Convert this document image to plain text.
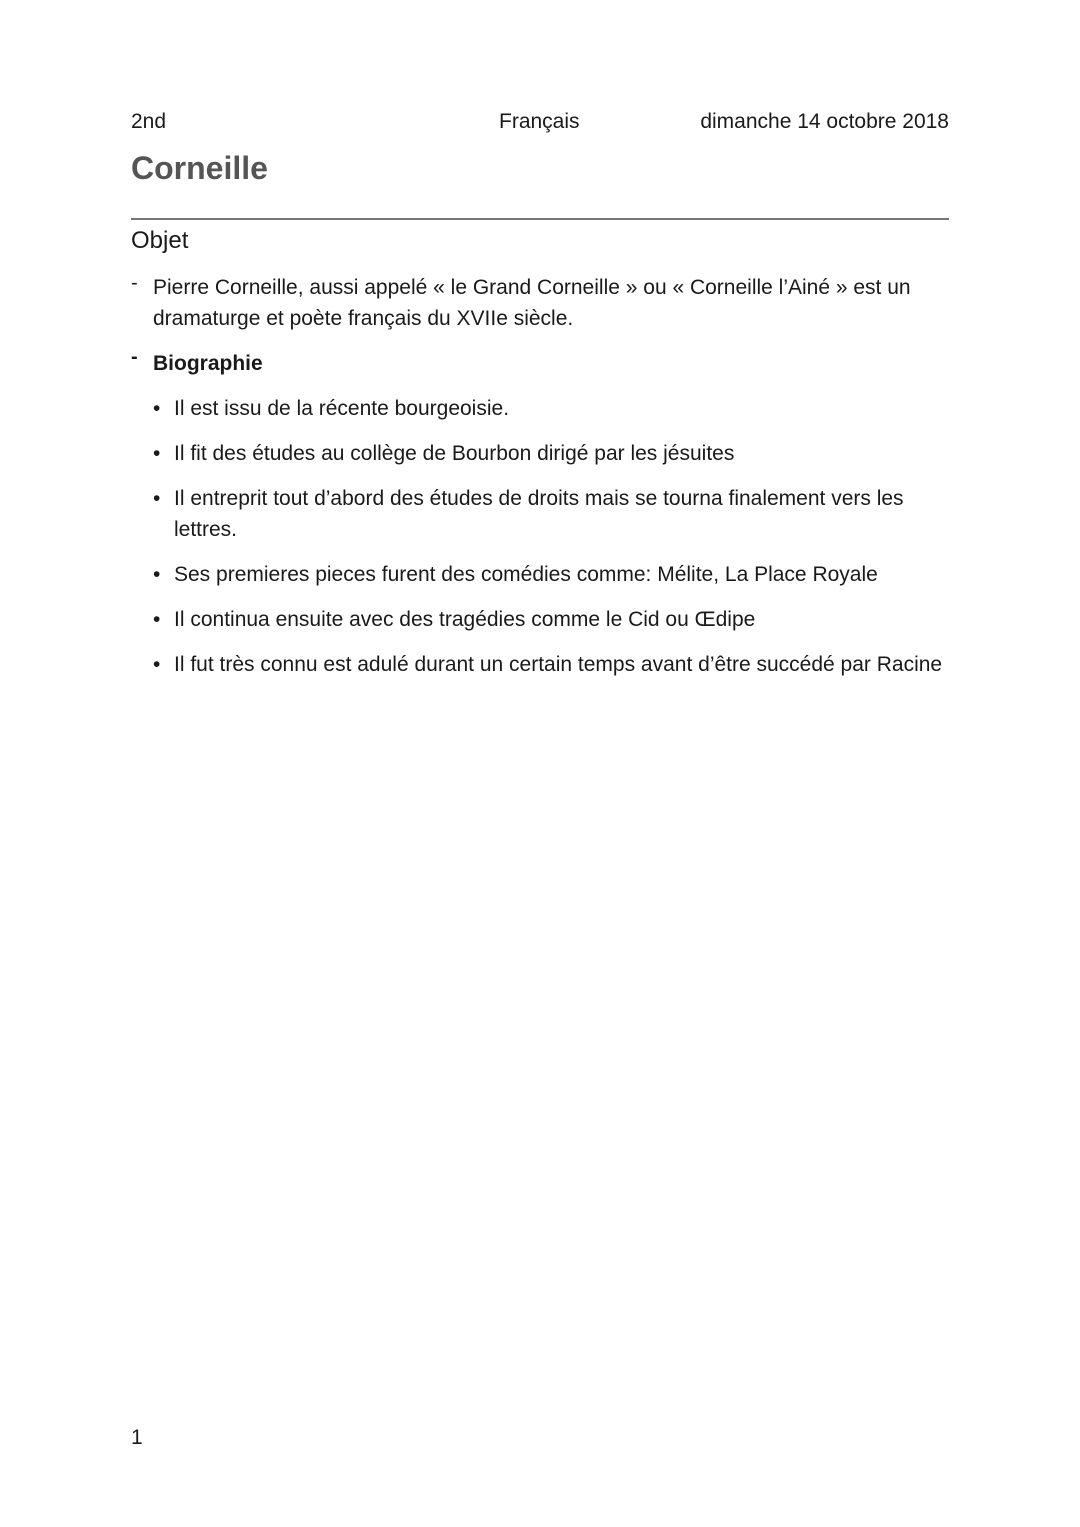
2nd	Français	dimanche 14 octobre 2018
Corneille
Objet
- Pierre Corneille, aussi appelé « le Grand Corneille » ou « Corneille l’Ainé » est un dramaturge et poète français du XVIIe siècle.
- Biographie
• Il est issu de la récente bourgeoisie.
• Il fit des études au collège de Bourbon dirigé par les jésuites
• Il entreprit tout d’abord des études de droits mais se tourna finalement vers les lettres.
• Ses premieres pieces furent des comédies comme: Mélite, La Place Royale
• Il continua ensuite avec des tragédies comme le Cid ou Œdipe
• Il fut très connu est adulé durant un certain temps avant d’être succédé par Racine
1
